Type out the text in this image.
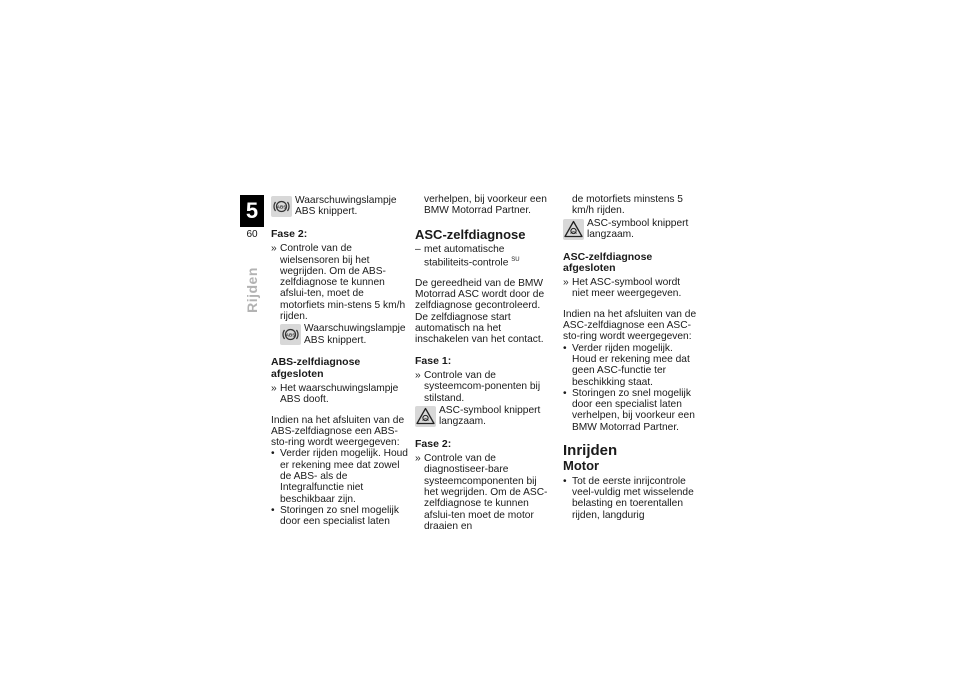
5
60
Rijden
ABS
Waarschuwingslampje ABS knippert.
Fase 2:
» Controle van de wielsensoren bij het wegrijden. Om de ABS-zelfdiagnose te kunnen afslui-ten, moet de motorfiets min-stens 5 km/h rijden.
ABS
Waarschuwingslampje ABS knippert.
ABS-zelfdiagnose afgesloten
» Het waarschuwingslampje ABS dooft.

Indien na het afsluiten van de ABS-zelfdiagnose een ABS-sto-ring wordt weergegeven:

• Verder rijden mogelijk. Houd er rekening mee dat zowel de ABS- als de Integralfunctie niet beschikbaar zijn.
• Storingen zo snel mogelijk door een specialist laten
verhelpen, bij voorkeur een BMW Motorrad Partner.
ASC-zelfdiagnose
– met automatische stabiliteits-controle $^{SU}$

De gereedheid van de BMW Motorrad ASC wordt door de zelfdiagnose gecontroleerd. De zelfdiagnose start automatisch na het inschakelen van het contact.

Fase 1:
» Controle van de systeemcom-ponenten bij stilstand.
ASC-symbool knippert langzaam.
Fase 2:
» Controle van de diagnostiseer-bare systeemcomponenten bij het wegrijden. Om de ASC-zelfdiagnose te kunnen afslui-ten moet de motor draaien en
de motorfiets minstens 5 km/h rijden.
ASC-symbool knippert langzaam.
ASC-zelfdiagnose afgesloten
» Het ASC-symbool wordt niet meer weergegeven.

Indien na het afsluiten van de ASC-zelfdiagnose een ASC-sto-ring wordt weergegeven:

• Verder rijden mogelijk. Houd er rekening mee dat geen ASC-functie ter beschikking staat.
• Storingen zo snel mogelijk door een specialist laten verhelpen, bij voorkeur een BMW Motorrad Partner.
Inrijden
Motor
• Tot de eerste inrijcontrole veel-vuldig met wisselende belasting en toerentallen rijden, langdurig
